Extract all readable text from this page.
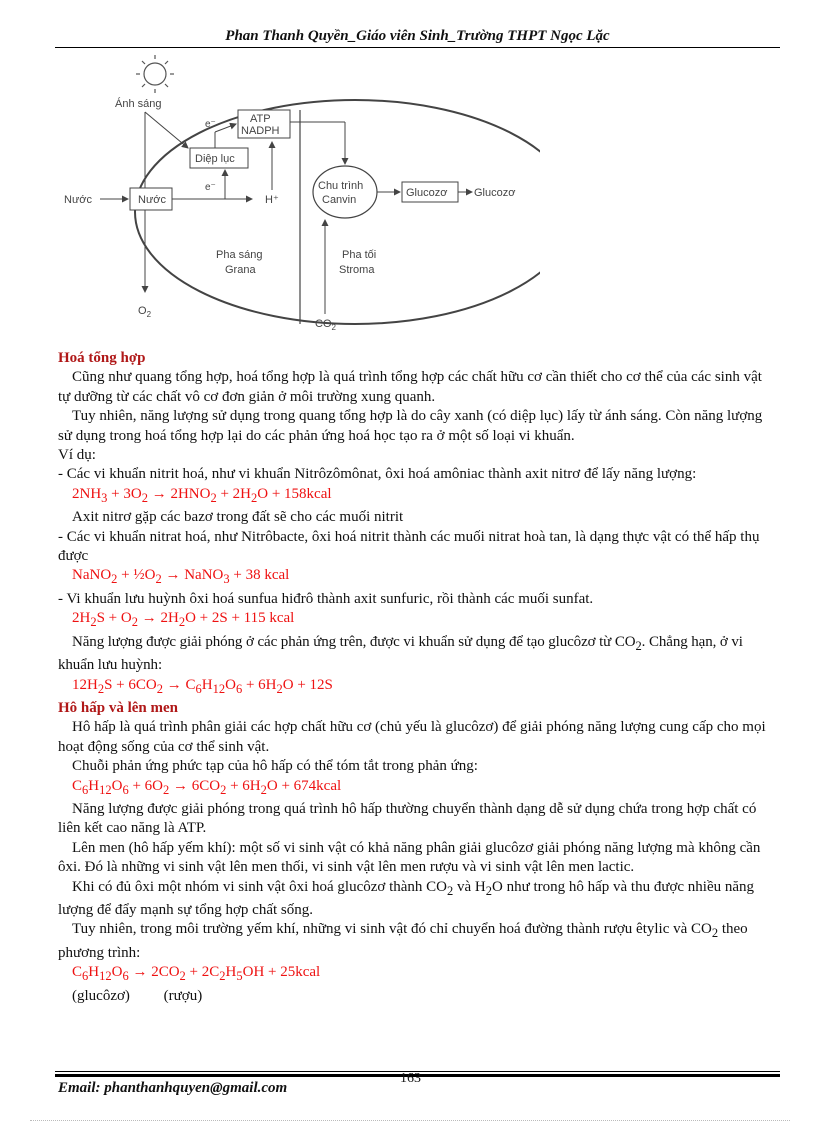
Phan Thanh Quyền_Giáo viên Sinh_Trường THPT Ngọc Lặc
Ánh sáng
Nước	Nước
Diệp lục
ATP
NADPH
e⁻
e⁻
H⁺
Chu trình
Canvin
Glucozơ Glucozơ
Pha sáng
Grana
Pha tối
Stroma
$O_2$
$CO_2$

Hoá tổng hợp

Cũng như quang tổng hợp, hoá tổng hợp là quá trình tổng hợp các chất hữu cơ cần thiết cho cơ thể của các sinh vật tự dưỡng từ các chất vô cơ đơn giản ở môi trường xung quanh.

Tuy nhiên, năng lượng sử dụng trong quang tổng hợp là do cây xanh (có diệp lục) lấy từ ánh sáng. Còn năng lượng sử dụng trong hoá tổng hợp lại do các phản ứng hoá học tạo ra ở một số loại vi khuẩn.

Ví dụ:

- Các vi khuẩn nitrit hoá, như vi khuẩn Nitrôzômônat, ôxi hoá amôniac thành axit nitrơ để lấy năng lượng:

$2NH_3 + 3O_2 \to 2HNO_2 + 2H_2O$ + 158kcal

Axit nitrơ gặp các bazơ trong đất sẽ cho các muối nitrit

- Các vi khuẩn nitrat hoá, như Nitrôbacte, ôxi hoá nitrit thành các muối nitrat hoà tan, là dạng thực vật có thể hấp thụ được

NaNO$_2$ + $\frac{1}{2}O_2$ → NaNO$_3$ + 38 kcal

- Vi khuẩn lưu huỳnh ôxi hoá sunfua hiđrô thành axit sunfuric, rồi thành các muối sunfat.

$2H_2S + O_2 \to 2H_2O + 2S + 115$ kcal

Năng lượng được giải phóng ở các phản ứng trên, được vi khuẩn sử dụng để tạo glucôzơ từ $CO_2$. Chẳng hạn, ở vi khuẩn lưu huỳnh:

$12H_2S + 6CO_2 \to C_6H_{12}O_6 + 6H_2O + 12S$

Hô hấp và lên men

Hô hấp là quá trình phân giải các hợp chất hữu cơ (chủ yếu là glucôzơ) để giải phóng năng lượng cung cấp cho mọi hoạt động sống của cơ thể sinh vật.

Chuỗi phản ứng phức tạp của hô hấp có thể tóm tắt trong phản ứng:

$C_6H_{12}O_6 + 6O_2 \to 6CO_2 + 6H_2O$ + 674kcal

Năng lượng được giải phóng trong quá trình hô hấp thường chuyển thành dạng dễ sử dụng chứa trong hợp chất có liên kết cao năng là ATP.

Lên men (hô hấp yếm khí): một số vi sinh vật có khả năng phân giải glucôzơ giải phóng năng lượng mà không cần ôxi. Đó là những vi sinh vật lên men thối, vi sinh vật lên men rượu và vi sinh vật lên men lactic.

Khi có đủ ôxi một nhóm vi sinh vật ôxi hoá glucôzơ thành $CO_2$ và $H_2O$ như trong hô hấp và thu được nhiều năng lượng để đẩy mạnh sự tổng hợp chất sống.

Tuy nhiên, trong môi trường yếm khí, những vi sinh vật đó chỉ chuyển hoá đường thành rượu êtylic và $CO_2$ theo phương trình:

$C_6H_{12}O_6 \to 2CO_2 + 2C_2H_5OH$ + 25kcal

(glucôzơ)         (rượu)

163
Email: phanthanhquyen@gmail.com
